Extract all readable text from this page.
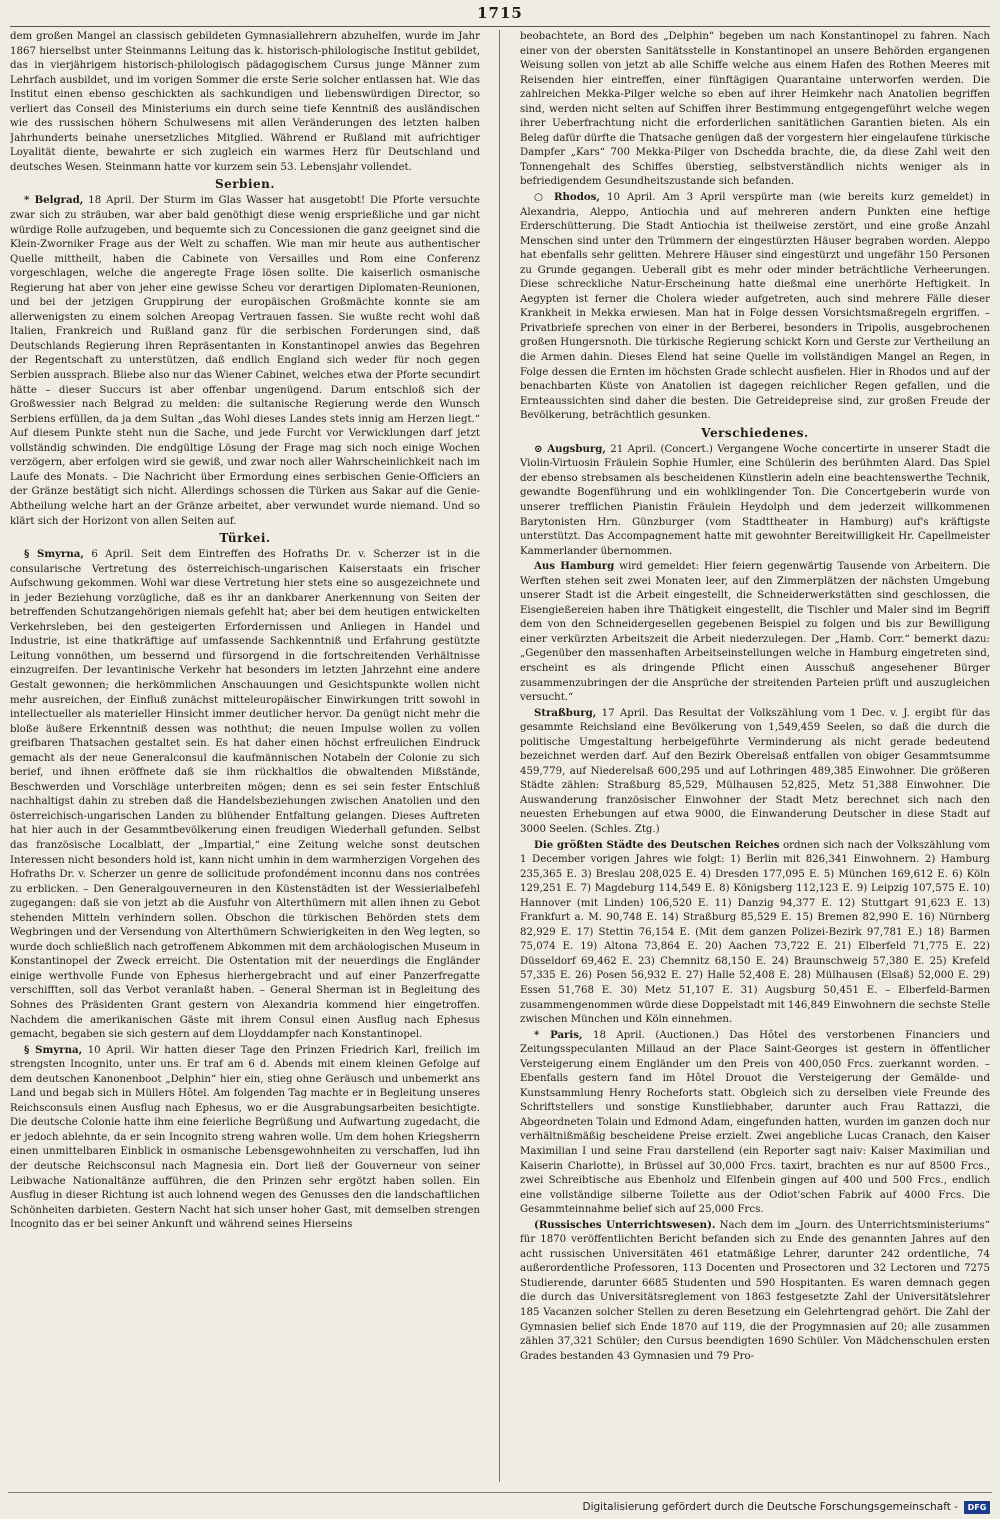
1715

dem großen Mangel an classisch gebildeten Gymnasiallehrern abzuhelfen, wurde im Jahr 1867 hierselbst unter Steinmanns Leitung das k. historisch-philologische Institut gebildet, das in vierjährigem historisch-philologisch pädagogischem Cursus junge Männer zum Lehrfach ausbildet, und im vorigen Sommer die erste Serie solcher entlassen hat. Wie das Institut einen ebenso geschickten als sachkundigen und liebenswürdigen Director, so verliert das Conseil des Ministeriums ein durch seine tiefe Kenntniß des ausländischen wie des russischen höhern Schulwesens mit allen Veränderungen des letzten halben Jahrhunderts beinahe unersetzliches Mitglied. Während er Rußland mit aufrichtiger Loyalität diente, bewahrte er sich zugleich ein warmes Herz für Deutschland und deutsches Wesen. Steinmann hatte vor kurzem sein 53. Lebensjahr vollendet.

Serbien.

* Belgrad, 18 April. Der Sturm im Glas Wasser hat ausgetobt! Die Pforte versuchte zwar sich zu sträuben, war aber bald genöthigt diese wenig ersprießliche und gar nicht würdige Rolle aufzugeben, und bequemte sich zu Concessionen die ganz geeignet sind die Klein-Zworniker Frage aus der Welt zu schaffen. Wie man mir heute aus authentischer Quelle mittheilt, haben die Cabinete von Versailles und Rom eine Conferenz vorgeschlagen, welche die angeregte Frage lösen sollte. Die kaiserlich osmanische Regierung hat aber von jeher eine gewisse Scheu vor derartigen Diplomaten-Reunionen, und bei der jetzigen Gruppirung der europäischen Großmächte konnte sie am allerwenigsten zu einem solchen Areopag Vertrauen fassen. Sie wußte recht wohl daß Italien, Frankreich und Rußland ganz für die serbischen Forderungen sind, daß Deutschlands Regierung ihren Repräsentanten in Konstantinopel anwies das Begehren der Regentschaft zu unterstützen, daß endlich England sich weder für noch gegen Serbien aussprach. Bliebe also nur das Wiener Cabinet, welches etwa der Pforte secundirt hätte – dieser Succurs ist aber offenbar ungenügend. Darum entschloß sich der Großwessier nach Belgrad zu melden: die sultanische Regierung werde den Wunsch Serbiens erfüllen, da ja dem Sultan „das Wohl dieses Landes stets innig am Herzen liegt.“ Auf diesem Punkte steht nun die Sache, und jede Furcht vor Verwicklungen darf jetzt vollständig schwinden. Die endgültige Lösung der Frage mag sich noch einige Wochen verzögern, aber erfolgen wird sie gewiß, und zwar noch aller Wahrscheinlichkeit nach im Laufe des Monats. – Die Nachricht über Ermordung eines serbischen Genie-Officiers an der Gränze bestätigt sich nicht. Allerdings schossen die Türken aus Sakar auf die Genie-Abtheilung welche hart an der Gränze arbeitet, aber verwundet wurde niemand. Und so klärt sich der Horizont von allen Seiten auf.

Türkei.

§ Smyrna, 6 April. Seit dem Eintreffen des Hofraths Dr. v. Scherzer ist in die consularische Vertretung des österreichisch-ungarischen Kaiserstaats ein frischer Aufschwung gekommen. Wohl war diese Vertretung hier stets eine so ausgezeichnete und in jeder Beziehung vorzügliche, daß es ihr an dankbarer Anerkennung von Seiten der betreffenden Schutzangehörigen niemals gefehlt hat; aber bei dem heutigen entwickelten Verkehrsleben, bei den gesteigerten Erfordernissen und Anliegen in Handel und Industrie, ist eine thatkräftige auf umfassende Sachkenntniß und Erfahrung gestützte Leitung vonnöthen, um bessernd und fürsorgend in die fortschreitenden Verhältnisse einzugreifen. Der levantinische Verkehr hat besonders im letzten Jahrzehnt eine andere Gestalt gewonnen; die herkömmlichen Anschauungen und Gesichtspunkte wollen nicht mehr ausreichen, der Einfluß zunächst mitteleuropäischer Einwirkungen tritt sowohl in intellectueller als materieller Hinsicht immer deutlicher hervor. Da genügt nicht mehr die bloße äußere Erkenntniß dessen was noththut; die neuen Impulse wollen zu vollen greifbaren Thatsachen gestaltet sein. Es hat daher einen höchst erfreulichen Eindruck gemacht als der neue Generalconsul die kaufmännischen Notabeln der Colonie zu sich berief, und ihnen eröffnete daß sie ihm rückhaltlos die obwaltenden Mißstände, Beschwerden und Vorschläge unterbreiten mögen; denn es sei sein fester Entschluß nachhaltigst dahin zu streben daß die Handelsbeziehungen zwischen Anatolien und den österreichisch-ungarischen Landen zu blühender Entfaltung gelangen. Dieses Auftreten hat hier auch in der Gesammtbevölkerung einen freudigen Wiederhall gefunden. Selbst das französische Localblatt, der „Impartial,“ eine Zeitung welche sonst deutschen Interessen nicht besonders hold ist, kann nicht umhin in dem warmherzigen Vorgehen des Hofraths Dr. v. Scherzer un genre de sollicitude profondément inconnu dans nos contrées zu erblicken. – Den Generalgouverneuren in den Küstenstädten ist der Wessierialbefehl zugegangen: daß sie von jetzt ab die Ausfuhr von Alterthümern mit allen ihnen zu Gebot stehenden Mitteln verhindern sollen. Obschon die türkischen Behörden stets dem Wegbringen und der Versendung von Alterthümern Schwierigkeiten in den Weg legten, so wurde doch schließlich nach getroffenem Abkommen mit dem archäologischen Museum in Konstantinopel der Zweck erreicht. Die Ostentation mit der neuerdings die Engländer einige werthvolle Funde von Ephesus hierhergebracht und auf einer Panzerfregatte verschifften, soll das Verbot veranlaßt haben. – General Sherman ist in Begleitung des Sohnes des Präsidenten Grant gestern von Alexandria kommend hier eingetroffen. Nachdem die amerikanischen Gäste mit ihrem Consul einen Ausflug nach Ephesus gemacht, begaben sie sich gestern auf dem Lloyddampfer nach Konstantinopel.

§ Smyrna, 10 April. Wir hatten dieser Tage den Prinzen Friedrich Karl, freilich im strengsten Incognito, unter uns. Er traf am 6 d. Abends mit einem kleinen Gefolge auf dem deutschen Kanonenboot „Delphin“ hier ein, stieg ohne Geräusch und unbemerkt ans Land und begab sich in Müllers Hôtel. Am folgenden Tag machte er in Begleitung unseres Reichsconsuls einen Ausflug nach Ephesus, wo er die Ausgrabungsarbeiten besichtigte. Die deutsche Colonie hatte ihm eine feierliche Begrüßung und Aufwartung zugedacht, die er jedoch ablehnte, da er sein Incognito streng wahren wolle. Um dem hohen Kriegsherrn einen unmittelbaren Einblick in osmanische Lebensgewohnheiten zu verschaffen, lud ihn der deutsche Reichsconsul nach Magnesia ein. Dort ließ der Gouverneur von seiner Leibwache Nationaltänze aufführen, die den Prinzen sehr ergötzt haben sollen. Ein Ausflug in dieser Richtung ist auch lohnend wegen des Genusses den die landschaftlichen Schönheiten darbieten. Gestern Nacht hat sich unser hoher Gast, mit demselben strengen Incognito das er bei seiner Ankunft und während seines Hierseins

beobachtete, an Bord des „Delphin“ begeben um nach Konstantinopel zu fahren. Nach einer von der obersten Sanitätsstelle in Konstantinopel an unsere Behörden ergangenen Weisung sollen von jetzt ab alle Schiffe welche aus einem Hafen des Rothen Meeres mit Reisenden hier eintreffen, einer fünftägigen Quarantaine unterworfen werden. Die zahlreichen Mekka-Pilger welche so eben auf ihrer Heimkehr nach Anatolien begriffen sind, werden nicht selten auf Schiffen ihrer Bestimmung entgegengeführt welche wegen ihrer Ueberfrachtung nicht die erforderlichen sanitätlichen Garantien bieten. Als ein Beleg dafür dürfte die Thatsache genügen daß der vorgestern hier eingelaufene türkische Dampfer „Kars“ 700 Mekka-Pilger von Dschedda brachte, die, da diese Zahl weit den Tonnengehalt des Schiffes überstieg, selbstverständlich nichts weniger als in befriedigendem Gesundheitszustande sich befanden.

○ Rhodos, 10 April. Am 3 April verspürte man (wie bereits kurz gemeldet) in Alexandria, Aleppo, Antiochia und auf mehreren andern Punkten eine heftige Erderschütterung. Die Stadt Antiochia ist theilweise zerstört, und eine große Anzahl Menschen sind unter den Trümmern der eingestürzten Häuser begraben worden. Aleppo hat ebenfalls sehr gelitten. Mehrere Häuser sind eingestürzt und ungefähr 150 Personen zu Grunde gegangen. Ueberall gibt es mehr oder minder beträchtliche Verheerungen. Diese schreckliche Natur-Erscheinung hatte dießmal eine unerhörte Heftigkeit. In Aegypten ist ferner die Cholera wieder aufgetreten, auch sind mehrere Fälle dieser Krankheit in Mekka erwiesen. Man hat in Folge dessen Vorsichtsmaßregeln ergriffen. – Privatbriefe sprechen von einer in der Berberei, besonders in Tripolis, ausgebrochenen großen Hungersnoth. Die türkische Regierung schickt Korn und Gerste zur Vertheilung an die Armen dahin. Dieses Elend hat seine Quelle im vollständigen Mangel an Regen, in Folge dessen die Ernten im höchsten Grade schlecht ausfielen. Hier in Rhodos und auf der benachbarten Küste von Anatolien ist dagegen reichlicher Regen gefallen, und die Ernteaussichten sind daher die besten. Die Getreidepreise sind, zur großen Freude der Bevölkerung, beträchtlich gesunken.

Verschiedenes.

⊙ Augsburg, 21 April. (Concert.) Vergangene Woche concertirte in unserer Stadt die Violin-Virtuosin Fräulein Sophie Humler, eine Schülerin des berühmten Alard. Das Spiel der ebenso strebsamen als bescheidenen Künstlerin adeln eine beachtenswerthe Technik, gewandte Bogenführung und ein wohlklingender Ton. Die Concertgeberin wurde von unserer trefflichen Pianistin Fräulein Heydolph und dem jederzeit willkommenen Barytonisten Hrn. Günzburger (vom Stadttheater in Hamburg) auf's kräftigste unterstützt. Das Accompagnement hatte mit gewohnter Bereitwilligkeit Hr. Capellmeister Kammerlander übernommen.

Aus Hamburg wird gemeldet: Hier feiern gegenwärtig Tausende von Arbeitern. Die Werften stehen seit zwei Monaten leer, auf den Zimmerplätzen der nächsten Umgebung unserer Stadt ist die Arbeit eingestellt, die Schneiderwerkstätten sind geschlossen, die Eisengießereien haben ihre Thätigkeit eingestellt, die Tischler und Maler sind im Begriff dem von den Schneidergesellen gegebenen Beispiel zu folgen und bis zur Bewilligung einer verkürzten Arbeitszeit die Arbeit niederzulegen. Der „Hamb. Corr.“ bemerkt dazu: „Gegenüber den massenhaften Arbeitseinstellungen welche in Hamburg eingetreten sind, erscheint es als dringende Pflicht einen Ausschuß angesehener Bürger zusammenzubringen der die Ansprüche der streitenden Parteien prüft und auszugleichen versucht.“

Straßburg, 17 April. Das Resultat der Volkszählung vom 1 Dec. v. J. ergibt für das gesammte Reichsland eine Bevölkerung von 1,549,459 Seelen, so daß die durch die politische Umgestaltung herbeigeführte Verminderung als nicht gerade bedeutend bezeichnet werden darf. Auf den Bezirk Oberelsaß entfallen von obiger Gesammtsumme 459,779, auf Niederelsaß 600,295 und auf Lothringen 489,385 Einwohner. Die größeren Städte zählen: Straßburg 85,529, Mülhausen 52,825, Metz 51,388 Einwohner. Die Auswanderung französischer Einwohner der Stadt Metz berechnet sich nach den neuesten Erhebungen auf etwa 9000, die Einwanderung Deutscher in diese Stadt auf 3000 Seelen. (Schles. Ztg.)

Die größten Städte des Deutschen Reiches ordnen sich nach der Volkszählung vom 1 December vorigen Jahres wie folgt: 1) Berlin mit 826,341 Einwohnern. 2) Hamburg 235,365 E. 3) Breslau 208,025 E. 4) Dresden 177,095 E. 5) München 169,612 E. 6) Köln 129,251 E. 7) Magdeburg 114,549 E. 8) Königsberg 112,123 E. 9) Leipzig 107,575 E. 10) Hannover (mit Linden) 106,520 E. 11) Danzig 94,377 E. 12) Stuttgart 91,623 E. 13) Frankfurt a. M. 90,748 E. 14) Straßburg 85,529 E. 15) Bremen 82,990 E. 16) Nürnberg 82,929 E. 17) Stettin 76,154 E. (Mit dem ganzen Polizei-Bezirk 97,781 E.) 18) Barmen 75,074 E. 19) Altona 73,864 E. 20) Aachen 73,722 E. 21) Elberfeld 71,775 E. 22) Düsseldorf 69,462 E. 23) Chemnitz 68,150 E. 24) Braunschweig 57,380 E. 25) Krefeld 57,335 E. 26) Posen 56,932 E. 27) Halle 52,408 E. 28) Mülhausen (Elsaß) 52,000 E. 29) Essen 51,768 E. 30) Metz 51,107 E. 31) Augsburg 50,451 E. – Elberfeld-Barmen zusammengenommen würde diese Doppelstadt mit 146,849 Einwohnern die sechste Stelle zwischen München und Köln einnehmen.

* Paris, 18 April. (Auctionen.) Das Hôtel des verstorbenen Financiers und Zeitungsspeculanten Millaud an der Place Saint-Georges ist gestern in öffentlicher Versteigerung einem Engländer um den Preis von 400,050 Frcs. zuerkannt worden. – Ebenfalls gestern fand im Hôtel Drouot die Versteigerung der Gemälde- und Kunstsammlung Henry Rocheforts statt. Obgleich sich zu derselben viele Freunde des Schriftstellers und sonstige Kunstliebhaber, darunter auch Frau Rattazzi, die Abgeordneten Tolain und Edmond Adam, eingefunden hatten, wurden im ganzen doch nur verhältnißmäßig bescheidene Preise erzielt. Zwei angebliche Lucas Cranach, den Kaiser Maximilian I und seine Frau darstellend (ein Reporter sagt naiv: Kaiser Maximilian und Kaiserin Charlotte), in Brüssel auf 30,000 Frcs. taxirt, brachten es nur auf 8500 Frcs., zwei Schreibtische aus Ebenholz und Elfenbein gingen auf 400 und 500 Frcs., endlich eine vollständige silberne Toilette aus der Odiot'schen Fabrik auf 4000 Frcs. Die Gesammteinnahme belief sich auf 25,000 Frcs.

(Russisches Unterrichtswesen). Nach dem im „Journ. des Unterrichtsministeriums“ für 1870 veröffentlichten Bericht befanden sich zu Ende des genannten Jahres auf den acht russischen Universitäten 461 etatmäßige Lehrer, darunter 242 ordentliche, 74 außerordentliche Professoren, 113 Docenten und Prosectoren und 32 Lectoren und 7275 Studierende, darunter 6685 Studenten und 590 Hospitanten. Es waren demnach gegen die durch das Universitätsreglement von 1863 festgesetzte Zahl der Universitätslehrer 185 Vacanzen solcher Stellen zu deren Besetzung ein Gelehrtengrad gehört. Die Zahl der Gymnasien belief sich Ende 1870 auf 119, die der Progymnasien auf 20; alle zusammen zählen 37,321 Schüler; den Cursus beendigten 1690 Schüler. Von Mädchenschulen ersten Grades bestanden 43 Gymnasien und 79 Pro-

Digitalisierung gefördert durch die Deutsche Forschungsgemeinschaft -	DFG
